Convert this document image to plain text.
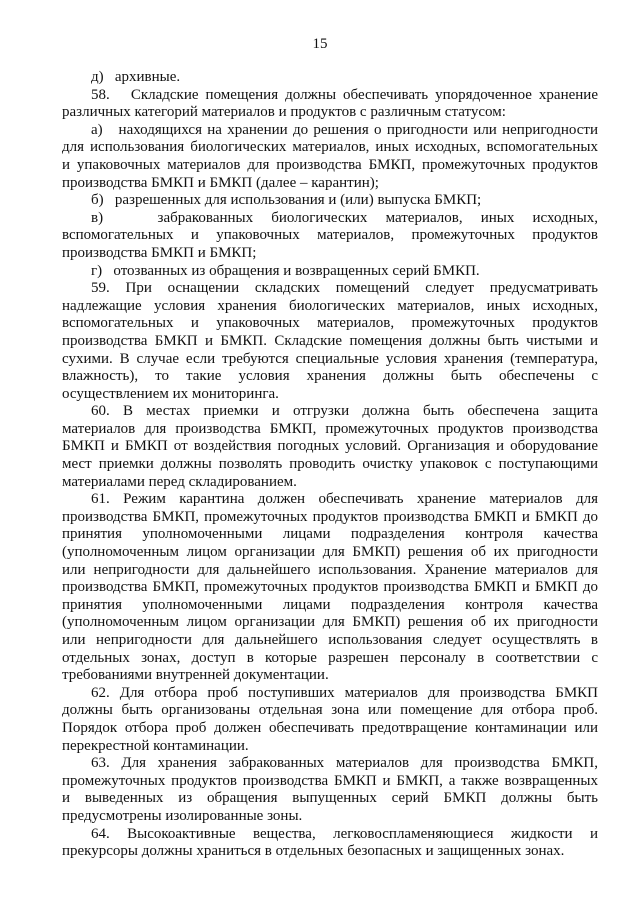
15
д)   архивные.
58.   Складские помещения должны обеспечивать упорядоченное хранение
различных категорий материалов и продуктов с различным статусом:
а)   находящихся на хранении до решения о пригодности или непригодности
для использования биологических материалов, иных исходных, вспомогательных
и упаковочных материалов для производства БМКП, промежуточных продуктов
производства БМКП и БМКП (далее – карантин);
б)   разрешенных для использования и (или) выпуска БМКП;
в)   забракованных биологических материалов, иных исходных,
вспомогательных и упаковочных материалов, промежуточных продуктов
производства БМКП и БМКП;
г)   отозванных из обращения и возвращенных серий БМКП.
59. При оснащении складских помещений следует предусматривать
надлежащие условия хранения биологических материалов, иных исходных,
вспомогательных и упаковочных материалов, промежуточных продуктов
производства БМКП и БМКП. Складские помещения должны быть чистыми и
сухими. В случае если требуются специальные условия хранения (температура,
влажность), то такие условия хранения должны быть обеспечены с
осуществлением их мониторинга.
60. В местах приемки и отгрузки должна быть обеспечена защита
материалов для производства БМКП, промежуточных продуктов производства
БМКП и БМКП от воздействия погодных условий. Организация и оборудование
мест приемки должны позволять проводить очистку упаковок с поступающими
материалами перед складированием.
61. Режим карантина должен обеспечивать хранение материалов для
производства БМКП, промежуточных продуктов производства БМКП и БМКП до
принятия уполномоченными лицами подразделения контроля качества
(уполномоченным лицом организации для БМКП) решения об их пригодности
или непригодности для дальнейшего использования. Хранение материалов для
производства БМКП, промежуточных продуктов производства БМКП и БМКП до
принятия уполномоченными лицами подразделения контроля качества
(уполномоченным лицом организации для БМКП) решения об их пригодности
или непригодности для дальнейшего использования следует осуществлять в
отдельных зонах, доступ в которые разрешен персоналу в соответствии с
требованиями внутренней документации.
62. Для отбора проб поступивших материалов для производства БМКП
должны быть организованы отдельная зона или помещение для отбора проб.
Порядок отбора проб должен обеспечивать предотвращение контаминации или
перекрестной контаминации.
63. Для хранения забракованных материалов для производства БМКП,
промежуточных продуктов производства БМКП и БМКП, а также возвращенных
и выведенных из обращения выпущенных серий БМКП должны быть
предусмотрены изолированные зоны.
64. Высокоактивные вещества, легковоспламеняющиеся жидкости и
прекурсоры должны храниться в отдельных безопасных и защищенных зонах.
